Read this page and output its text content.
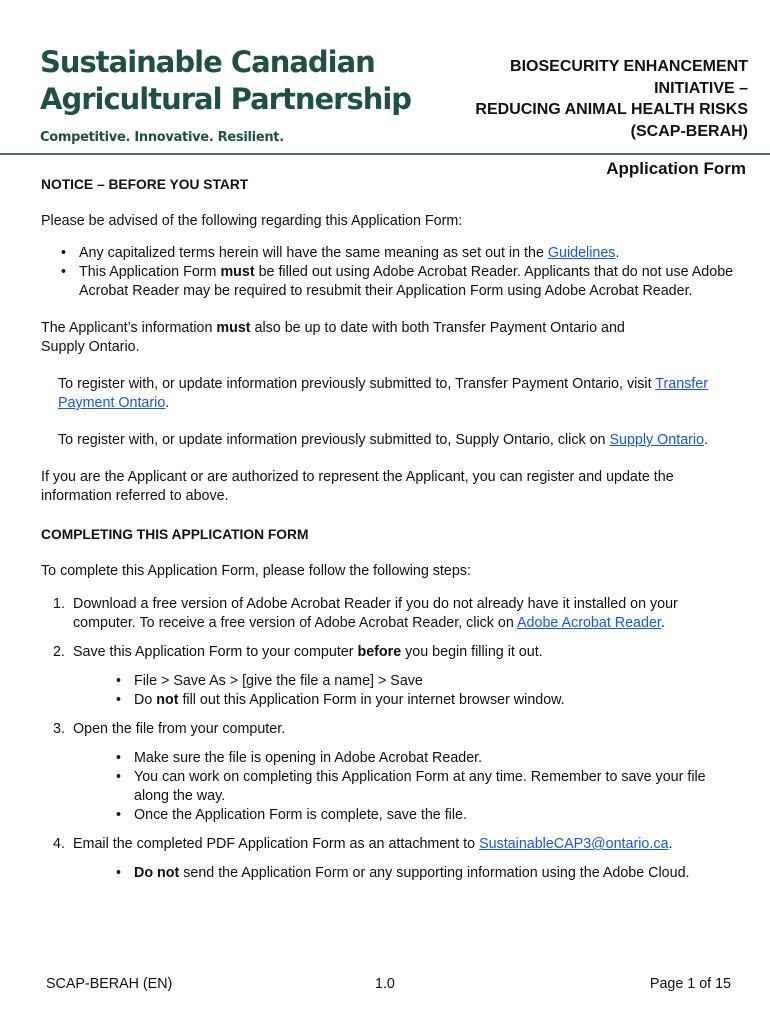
Sustainable Canadian
Agricultural Partnership
Competitive. Innovative. Resilient.
BIOSECURITY ENHANCEMENT
INITIATIVE –
REDUCING ANIMAL HEALTH RISKS
(SCAP-BERAH)
Application Form
NOTICE – BEFORE YOU START

Please be advised of the following regarding this Application Form:

• Any capitalized terms herein will have the same meaning as set out in the Guidelines.
• This Application Form must be filled out using Adobe Acrobat Reader. Applicants that do not use Adobe Acrobat Reader may be required to resubmit their Application Form using Adobe Acrobat Reader.

The Applicant’s information must also be up to date with both Transfer Payment Ontario and Supply Ontario.

To register with, or update information previously submitted to, Transfer Payment Ontario, visit Transfer Payment Ontario.

To register with, or update information previously submitted to, Supply Ontario, click on Supply Ontario.

If you are the Applicant or are authorized to represent the Applicant, you can register and update the information referred to above.

COMPLETING THIS APPLICATION FORM

To complete this Application Form, please follow the following steps:

1. Download a free version of Adobe Acrobat Reader if you do not already have it installed on your computer. To receive a free version of Adobe Acrobat Reader, click on Adobe Acrobat Reader.
2. Save this Application Form to your computer before you begin filling it out.
• File > Save As > [give the file a name] > Save
• Do not fill out this Application Form in your internet browser window.
3. Open the file from your computer.
• Make sure the file is opening in Adobe Acrobat Reader.
• You can work on completing this Application Form at any time. Remember to save your file along the way.
• Once the Application Form is complete, save the file.
4. Email the completed PDF Application Form as an attachment to SustainableCAP3@ontario.ca.
• Do not send the Application Form or any supporting information using the Adobe Cloud.
SCAP-BERAH (EN)	1.0	Page 1 of 15
